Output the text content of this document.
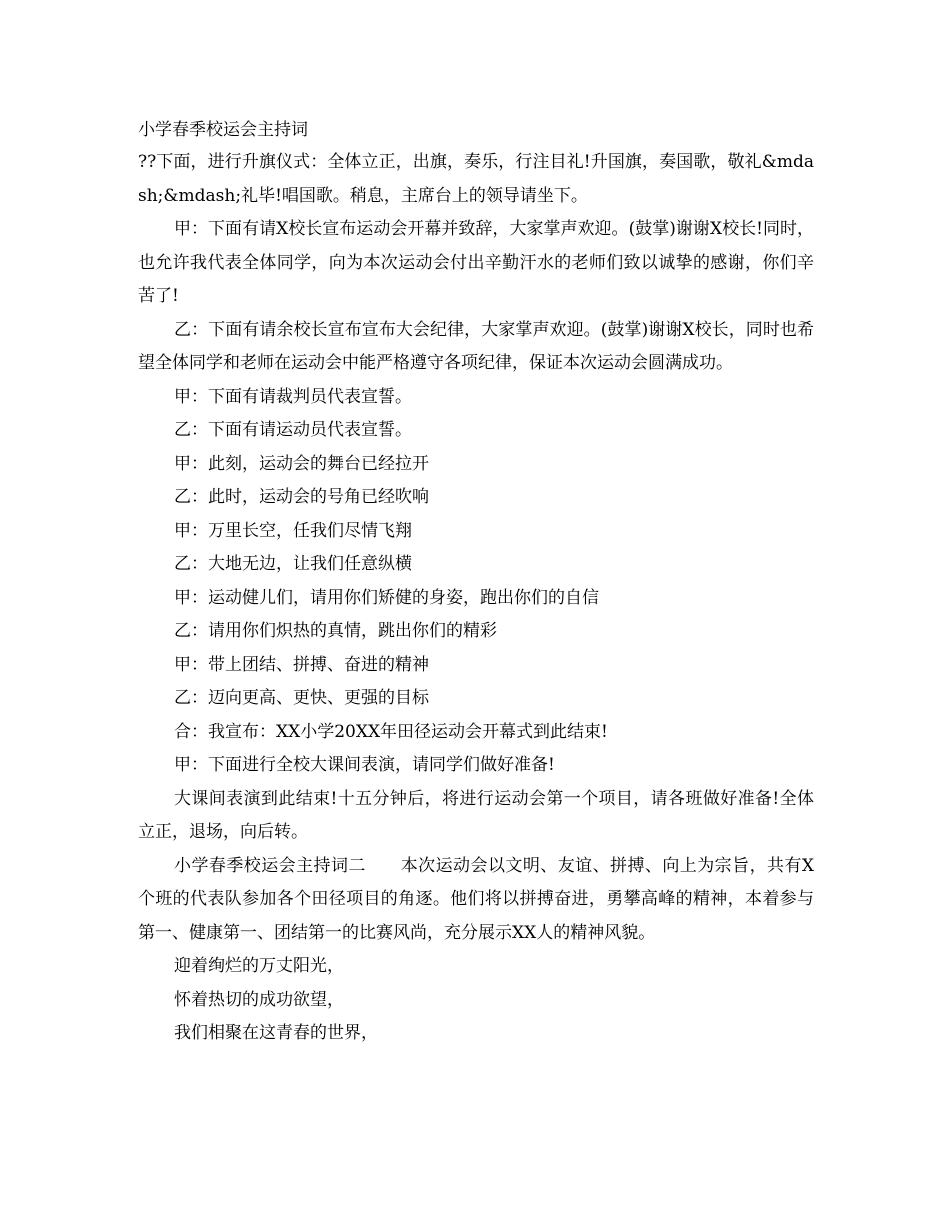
小学春季校运会主持词

??下面，进行升旗仪式：全体立正，出旗，奏乐，行注目礼!升国旗，奏国歌，敬礼&mdash;&mdash;礼毕!唱国歌。稍息，主席台上的领导请坐下。

甲：下面有请X校长宣布运动会开幕并致辞，大家掌声欢迎。(鼓掌)谢谢X校长!同时，也允许我代表全体同学，向为本次运动会付出辛勤汗水的老师们致以诚挚的感谢，你们辛苦了!

乙：下面有请余校长宣布宣布大会纪律，大家掌声欢迎。(鼓掌)谢谢X校长，同时也希望全体同学和老师在运动会中能严格遵守各项纪律，保证本次运动会圆满成功。

甲：下面有请裁判员代表宣誓。

乙：下面有请运动员代表宣誓。

甲：此刻，运动会的舞台已经拉开

乙：此时，运动会的号角已经吹响

甲：万里长空，任我们尽情飞翔

乙：大地无边，让我们任意纵横

甲：运动健儿们，请用你们矫健的身姿，跑出你们的自信

乙：请用你们炽热的真情，跳出你们的精彩

甲：带上团结、拼搏、奋进的精神

乙：迈向更高、更快、更强的目标

合：我宣布：XX小学20XX年田径运动会开幕式到此结束!

甲：下面进行全校大课间表演，请同学们做好准备!

大课间表演到此结束!十五分钟后，将进行运动会第一个项目，请各班做好准备!全体立正，退场，向后转。

小学春季校运会主持词二　　本次运动会以文明、友谊、拼搏、向上为宗旨，共有X个班的代表队参加各个田径项目的角逐。他们将以拼搏奋进，勇攀高峰的精神，本着参与第一、健康第一、团结第一的比赛风尚，充分展示XX人的精神风貌。

迎着绚烂的万丈阳光，

怀着热切的成功欲望，

我们相聚在这青春的世界，
